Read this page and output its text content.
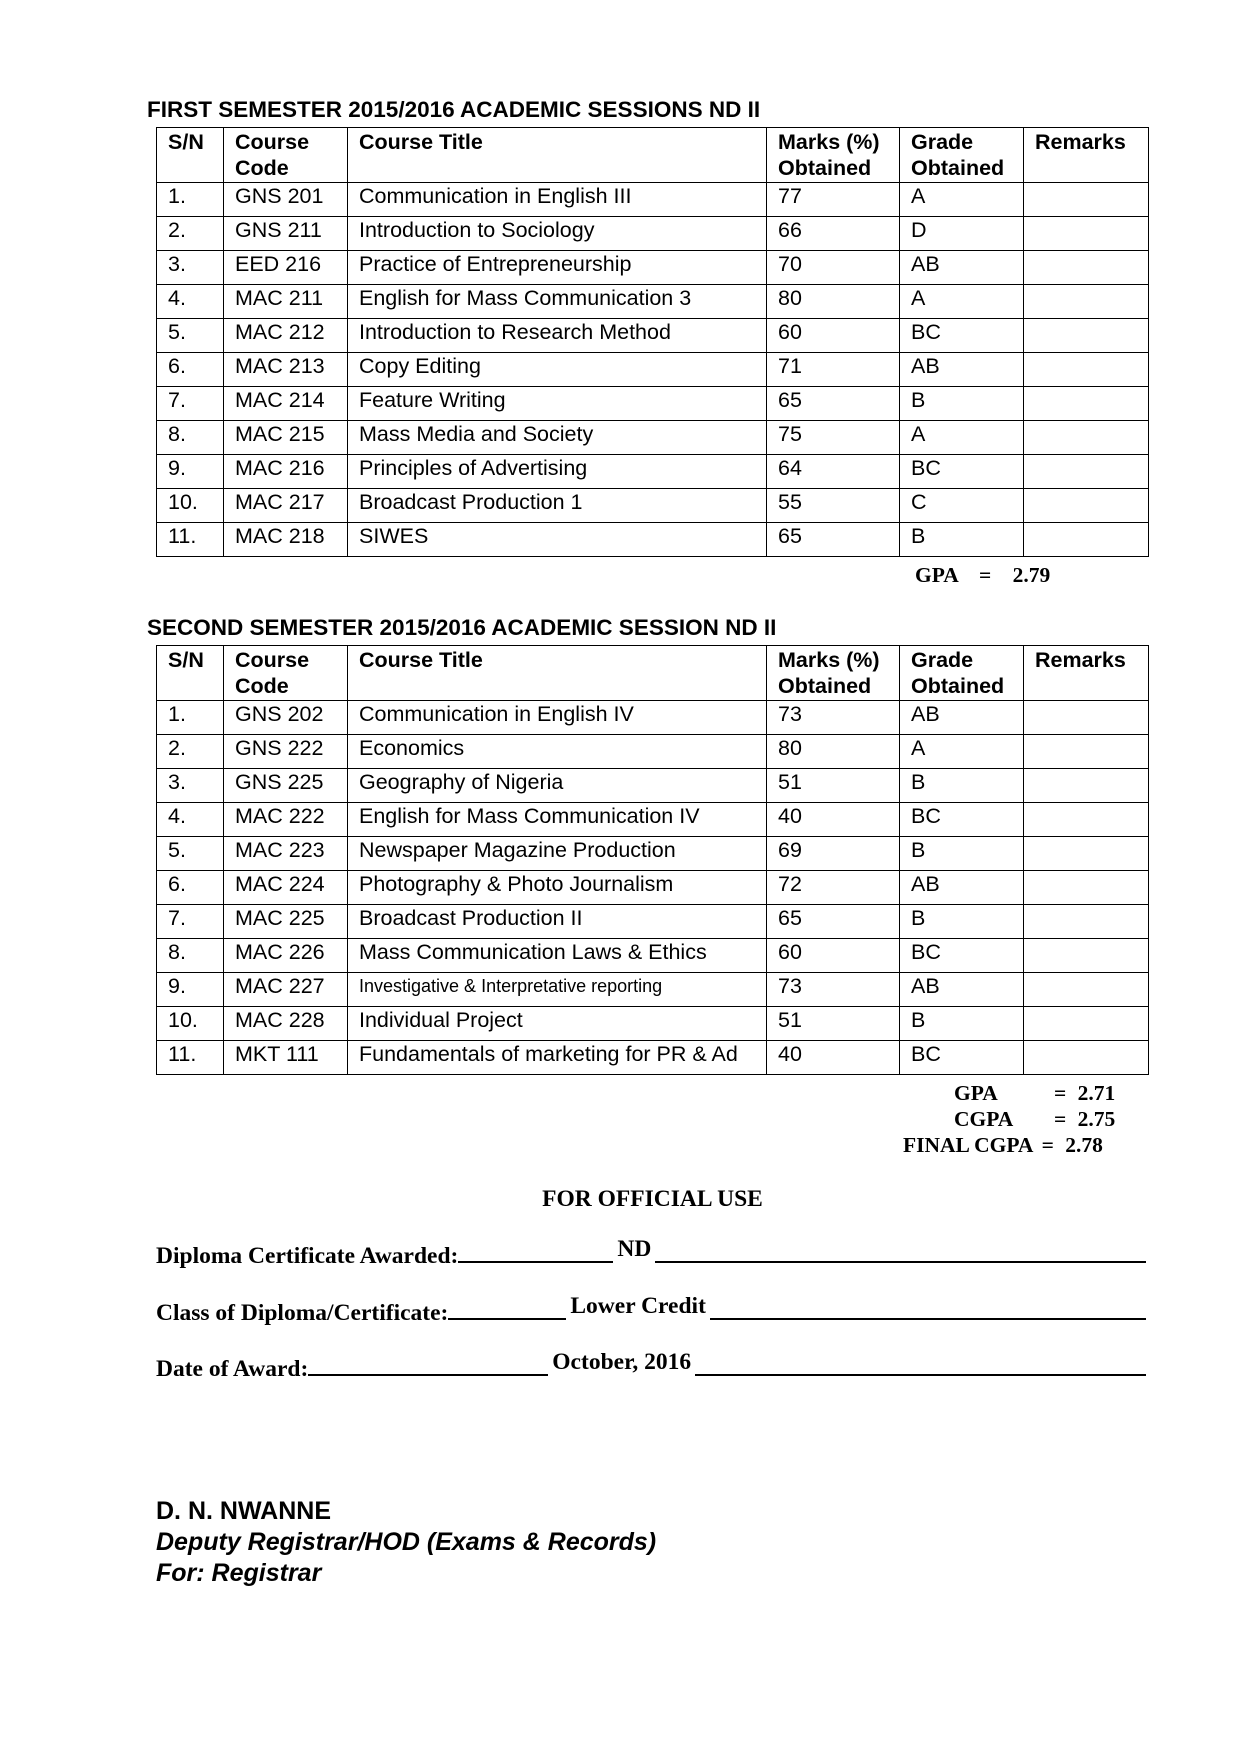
FIRST SEMESTER 2015/2016 ACADEMIC SESSIONS ND II
S/N	Course Code	Course Title	Marks (%) Obtained	Grade Obtained	Remarks
1.	GNS 201	Communication in English III	77	A	
2.	GNS 211	Introduction to Sociology	66	D	
3.	EED 216	Practice of Entrepreneurship	70	AB	
4.	MAC 211	English for Mass Communication 3	80	A	
5.	MAC 212	Introduction to Research Method	60	BC	
6.	MAC 213	Copy Editing	71	AB	
7.	MAC 214	Feature Writing	65	B	
8.	MAC 215	Mass Media and Society	75	A	
9.	MAC 216	Principles of Advertising	64	BC	
10.	MAC 217	Broadcast Production 1	55	C	
11.	MAC 218	SIWES	65	B	
GPA = 2.79
SECOND SEMESTER 2015/2016 ACADEMIC SESSION ND II
S/N	Course Code	Course Title	Marks (%) Obtained	Grade Obtained	Remarks
1.	GNS 202	Communication in English IV	73	AB	
2.	GNS 222	Economics	80	A	
3.	GNS 225	Geography of Nigeria	51	B	
4.	MAC 222	English for Mass Communication IV	40	BC	
5.	MAC 223	Newspaper Magazine Production	69	B	
6.	MAC 224	Photography & Photo Journalism	72	AB	
7.	MAC 225	Broadcast Production II	65	B	
8.	MAC 226	Mass Communication Laws & Ethics	60	BC	
9.	MAC 227	Investigative & Interpretative reporting	73	AB	
10.	MAC 228	Individual Project	51	B	
11.	MKT 111	Fundamentals of marketing for PR & Ad	40	BC	
GPA	= 2.71
CGPA = 2.75
FINAL CGPA = 2.78
FOR OFFICIAL USE
Diploma Certificate Awarded:	ND
Class of Diploma/Certificate:	Lower Credit
Date of Award:	October, 2016
D. N. NWANNE
Deputy Registrar/HOD (Exams & Records)
For: Registrar
